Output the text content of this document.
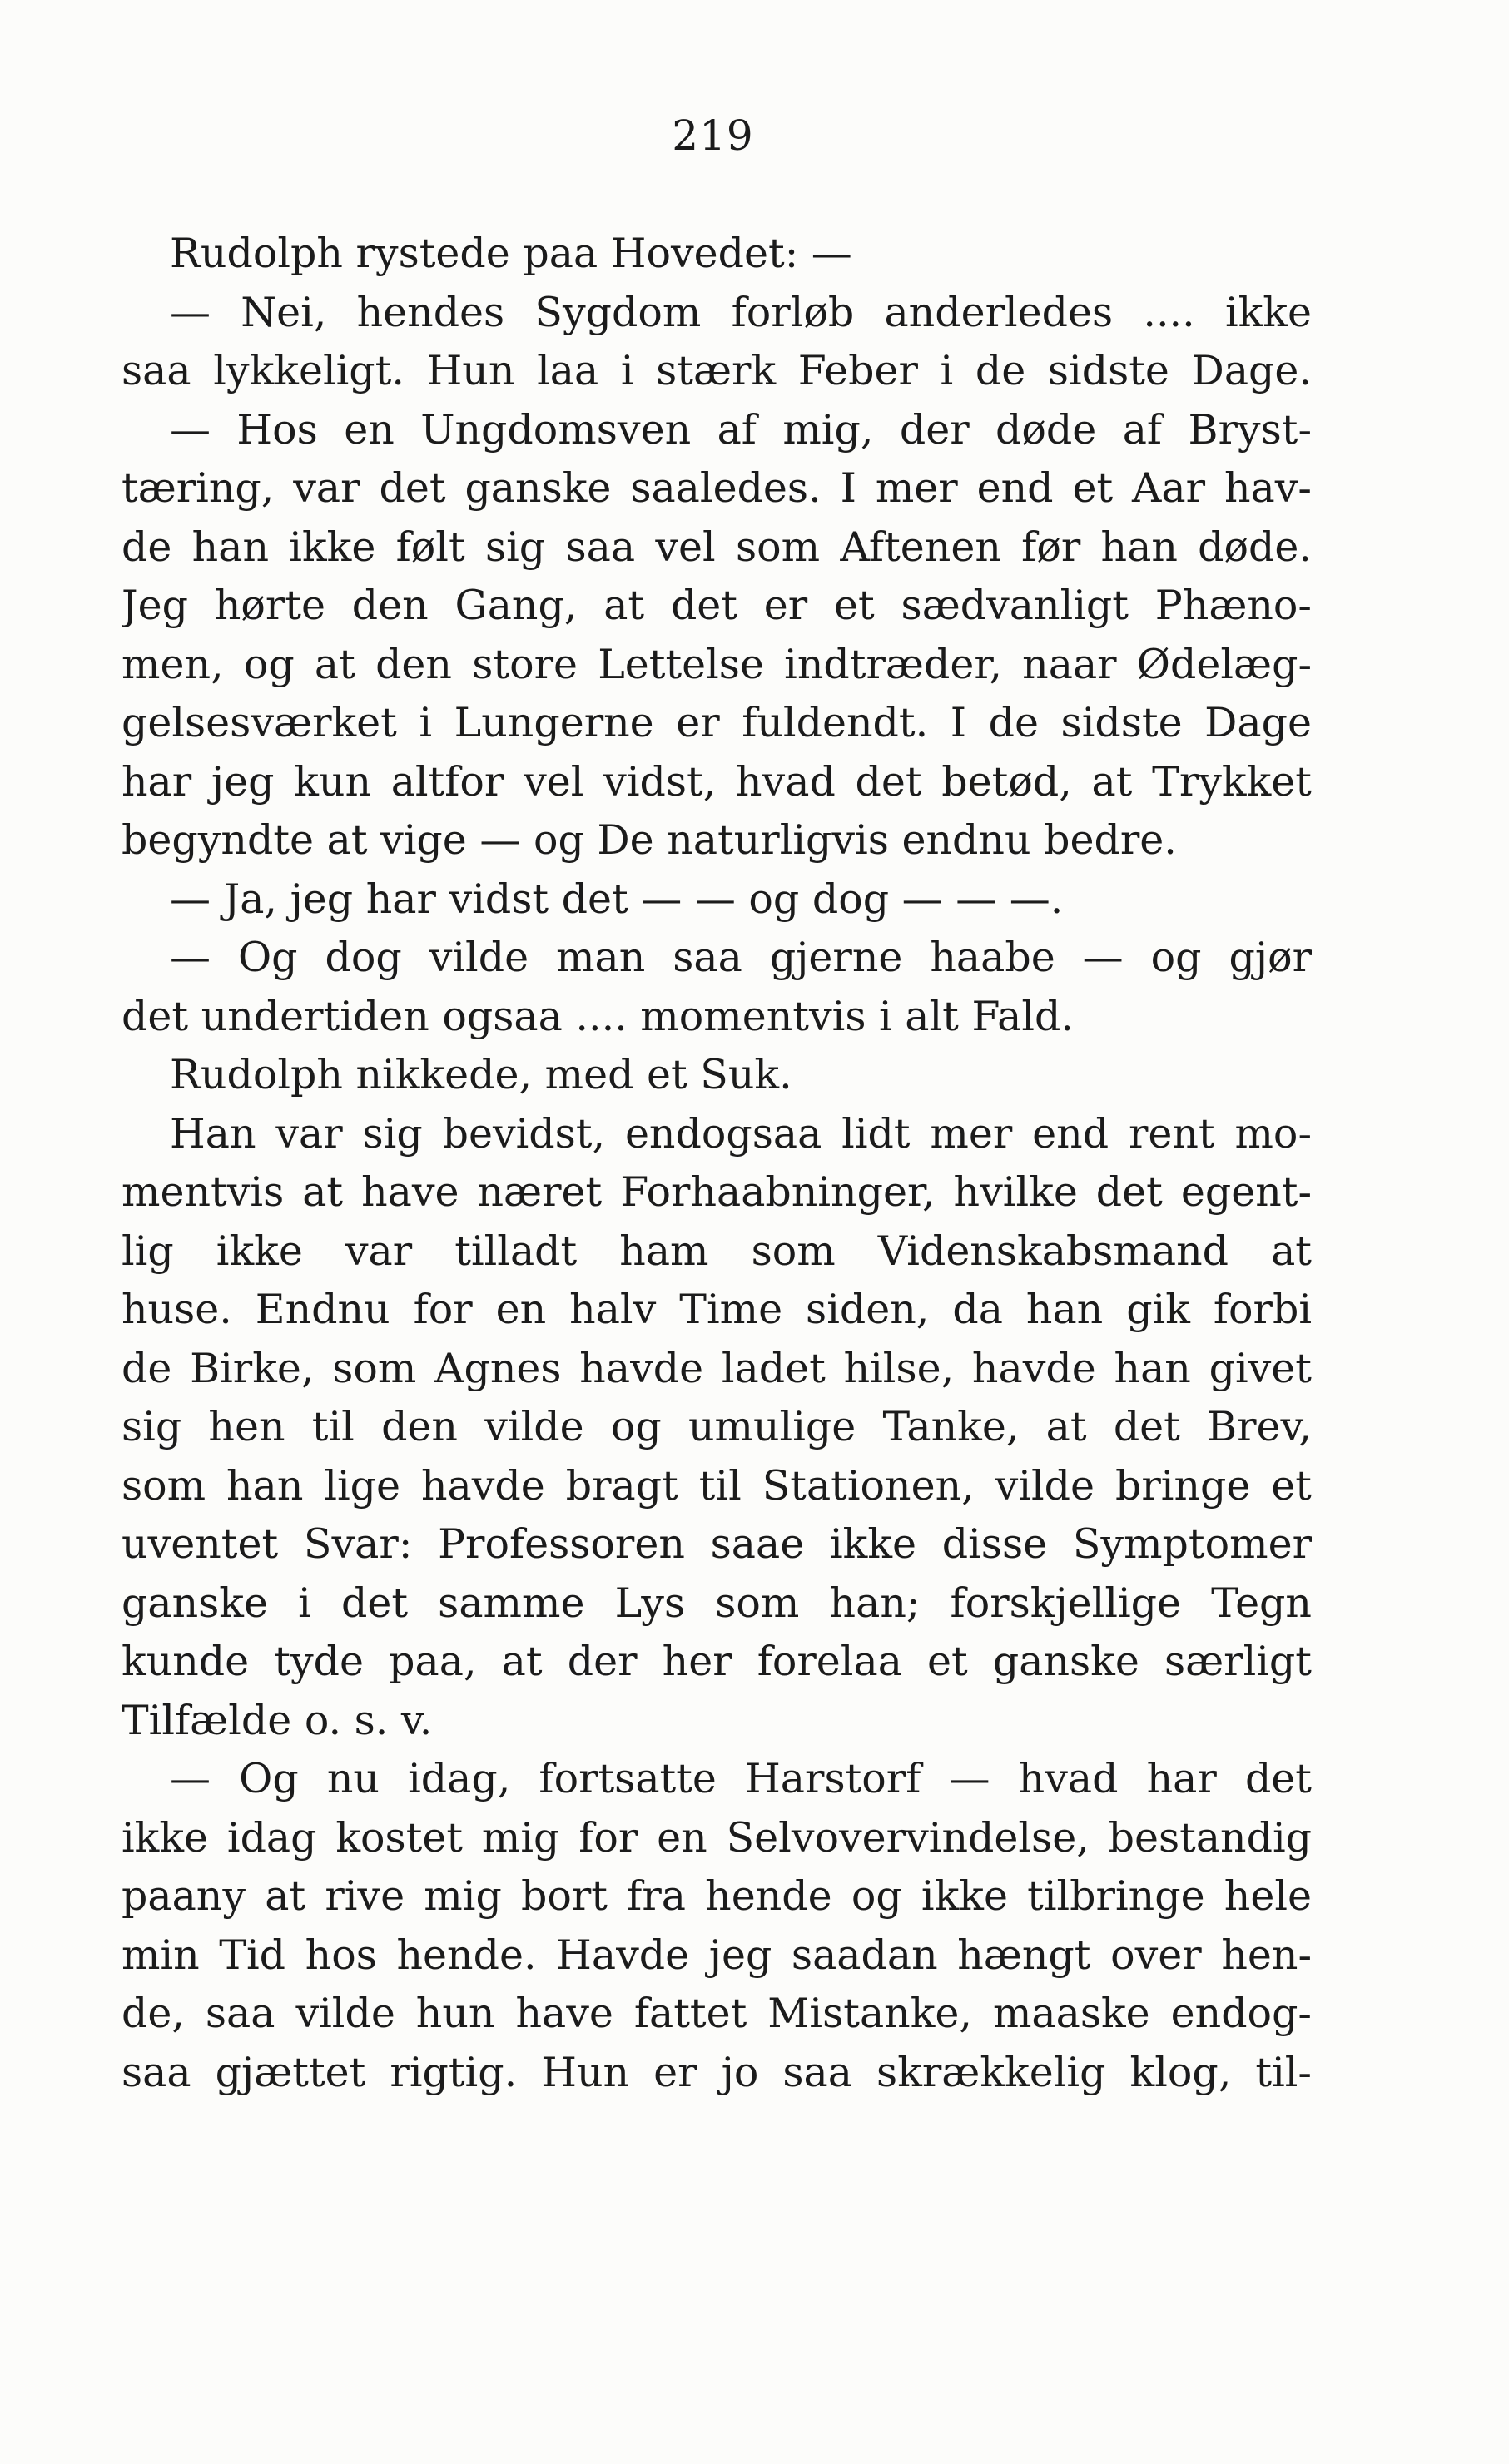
219
Rudolph rystede paa Hovedet: —
— Nei, hendes Sygdom forløb anderledes .... ikke
saa lykkeligt. Hun laa i stærk Feber i de sidste Dage.
— Hos en Ungdomsven af mig, der døde af Bryst-
tæring, var det ganske saaledes. I mer end et Aar hav-
de han ikke følt sig saa vel som Aftenen før han døde.
Jeg hørte den Gang, at det er et sædvanligt Phæno-
men, og at den store Lettelse indtræder, naar Ødelæg-
gelsesværket i Lungerne er fuldendt. I de sidste Dage
har jeg kun altfor vel vidst, hvad det betød, at Trykket
begyndte at vige — og De naturligvis endnu bedre.
— Ja, jeg har vidst det — — og dog — — —.
— Og dog vilde man saa gjerne haabe — og gjør
det undertiden ogsaa .... momentvis i alt Fald.
Rudolph nikkede, med et Suk.
Han var sig bevidst, endogsaa lidt mer end rent mo-
mentvis at have næret Forhaabninger, hvilke det egent-
lig ikke var tilladt ham som Videnskabsmand at
huse. Endnu for en halv Time siden, da han gik forbi
de Birke, som Agnes havde ladet hilse, havde han givet
sig hen til den vilde og umulige Tanke, at det Brev,
som han lige havde bragt til Stationen, vilde bringe et
uventet Svar: Professoren saae ikke disse Symptomer
ganske i det samme Lys som han; forskjellige Tegn
kunde tyde paa, at der her forelaa et ganske særligt
Tilfælde o. s. v.
— Og nu idag, fortsatte Harstorf — hvad har det
ikke idag kostet mig for en Selvovervindelse, bestandig
paany at rive mig bort fra hende og ikke tilbringe hele
min Tid hos hende. Havde jeg saadan hængt over hen-
de, saa vilde hun have fattet Mistanke, maaske endog-
saa gjættet rigtig. Hun er jo saa skrækkelig klog, til-
